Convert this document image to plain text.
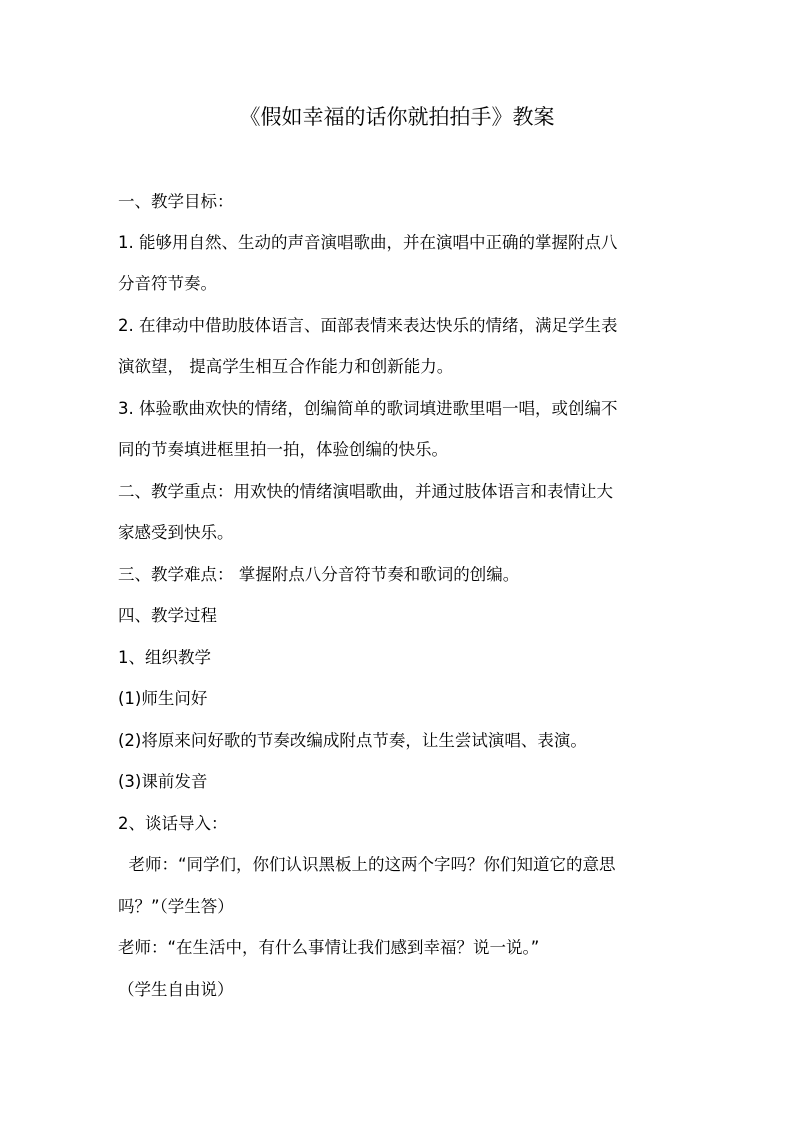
《假如幸福的话你就拍拍手》教案
一、教学目标：
1. 能够用自然、生动的声音演唱歌曲，并在演唱中正确的掌握附点八
分音符节奏。
2. 在律动中借助肢体语言、面部表情来表达快乐的情绪，满足学生表
演欲望， 提高学生相互合作能力和创新能力。
3. 体验歌曲欢快的情绪，创编简单的歌词填进歌里唱一唱，或创编不
同的节奏填进框里拍一拍，体验创编的快乐。
二、教学重点：用欢快的情绪演唱歌曲，并通过肢体语言和表情让大
家感受到快乐。
三、教学难点： 掌握附点八分音符节奏和歌词的创编。
四、教学过程
1、组织教学
(1)师生问好
(2)将原来问好歌的节奏改编成附点节奏，让生尝试演唱、表演。
(3)课前发音
2、谈话导入：
老师：“同学们，你们认识黑板上的这两个字吗？你们知道它的意思
吗？”（学生答）
老师：“在生活中，有什么事情让我们感到幸福？说一说。”
（学生自由说）
